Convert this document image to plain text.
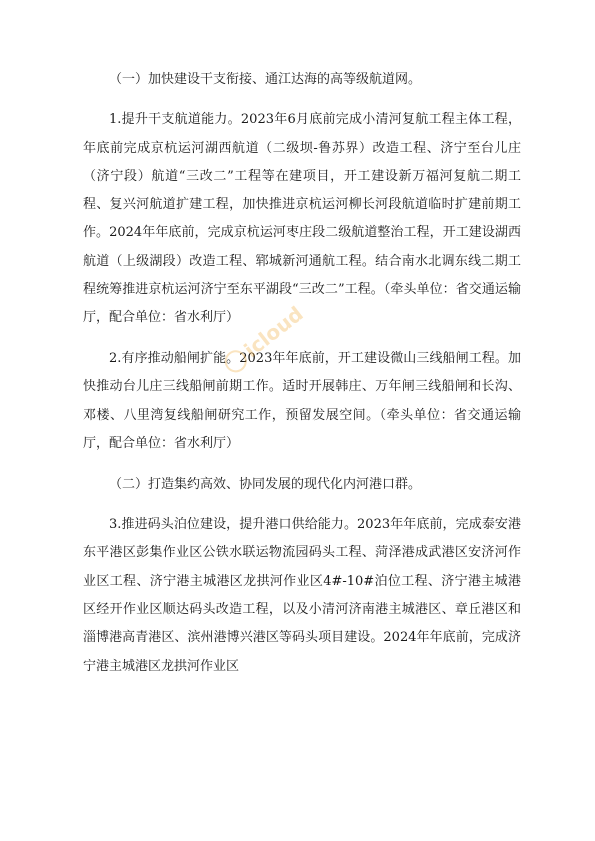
（一）加快建设干支衔接、通江达海的高等级航道网。

1.提升干支航道能力。2023年6月底前完成小清河复航工程主体工程，年底前完成京杭运河湖西航道（二级坝-鲁苏界）改造工程、济宁至台儿庄（济宁段）航道“三改二”工程等在建项目，开工建设新万福河复航二期工程、复兴河航道扩建工程，加快推进京杭运河柳长河段航道临时扩建前期工作。2024年年底前，完成京杭运河枣庄段二级航道整治工程，开工建设湖西航道（上级湖段）改造工程、郓城新河通航工程。结合南水北调东线二期工程统筹推进京杭运河济宁至东平湖段“三改二”工程。（牵头单位：省交通运输厅，配合单位：省水利厅）

2.有序推动船闸扩能。2023年年底前，开工建设微山三线船闸工程。加快推动台儿庄三线船闸前期工作。适时开展韩庄、万年闸三线船闸和长沟、邓楼、八里湾复线船闸研究工作，预留发展空间。（牵头单位：省交通运输厅，配合单位：省水利厅）

（二）打造集约高效、协同发展的现代化内河港口群。

3.推进码头泊位建设，提升港口供给能力。2023年年底前，完成泰安港东平港区彭集作业区公铁水联运物流园码头工程、菏泽港成武港区安济河作业区工程、济宁港主城港区龙拱河作业区4#-10#泊位工程、济宁港主城港区经开作业区顺达码头改造工程，以及小清河济南港主城港区、章丘港区和淄博港高青港区、滨州港博兴港区等码头项目建设。2024年年底前，完成济宁港主城港区龙拱河作业区

icloud
